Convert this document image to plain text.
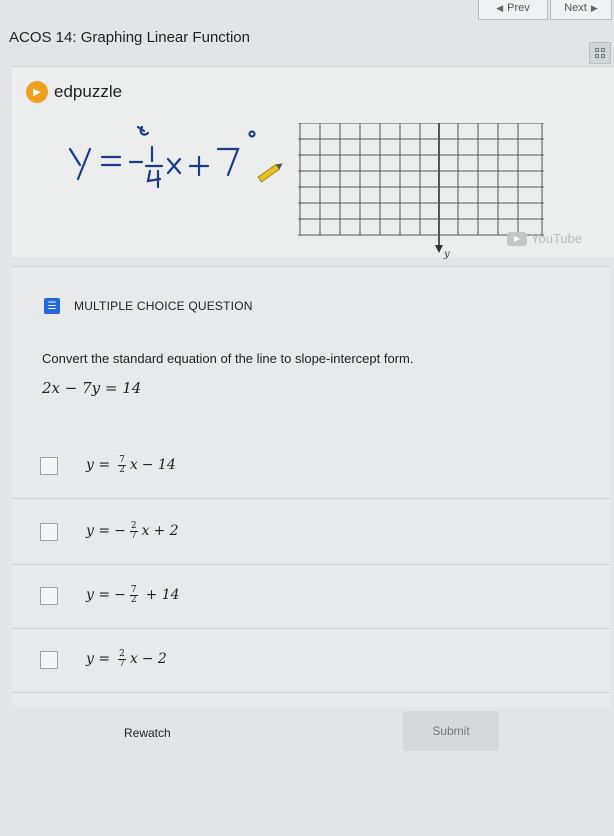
◀ Prev	Next ▶
ACOS 14: Graphing Linear Function
▶ edpuzzle
y
▶ YouTube
☰ MULTIPLE CHOICE QUESTION
Convert the standard equation of the line to slope-intercept form.
2x − 7y = 14
$y = \frac{7}{2}$ x − 14
y = − $\frac{2}{7}$ x + 2
y = − $\frac{7}{2} + 14$
$y = \frac{2}{7}$ x − 2
Rewatch	Submit
